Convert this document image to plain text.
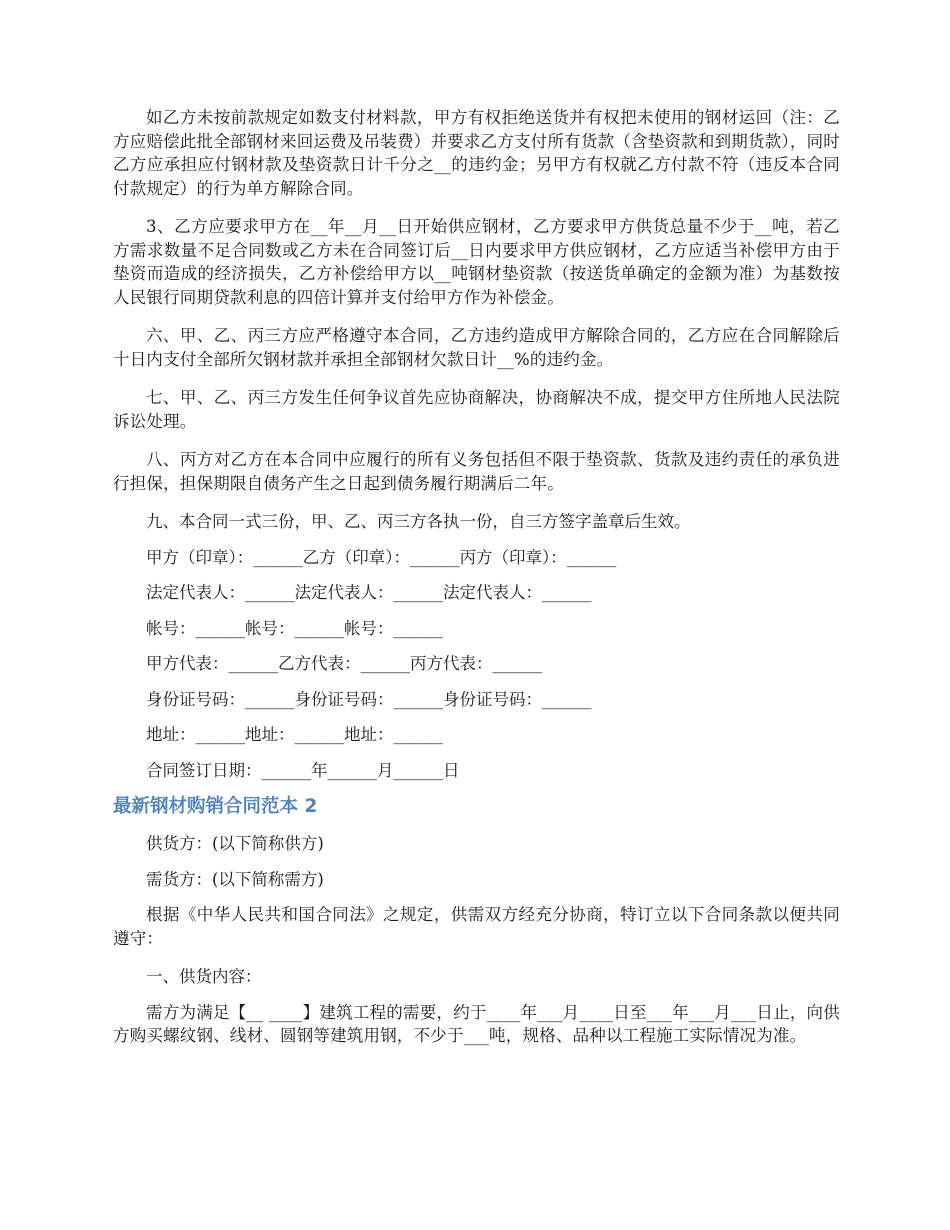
如乙方未按前款规定如数支付材料款，甲方有权拒绝送货并有权把未使用的钢材运回（注：乙方应赔偿此批全部钢材来回运费及吊装费）并要求乙方支付所有货款（含垫资款和到期货款），同时乙方应承担应付钢材款及垫资款日计千分之__的违约金；另甲方有权就乙方付款不符（违反本合同付款规定）的行为单方解除合同。

3、乙方应要求甲方在__年__月__日开始供应钢材，乙方要求甲方供货总量不少于__吨，若乙方需求数量不足合同数或乙方未在合同签订后__日内要求甲方供应钢材，乙方应适当补偿甲方由于垫资而造成的经济损失，乙方补偿给甲方以__吨钢材垫资款（按送货单确定的金额为准）为基数按人民银行同期贷款利息的四倍计算并支付给甲方作为补偿金。

六、甲、乙、丙三方应严格遵守本合同，乙方违约造成甲方解除合同的，乙方应在合同解除后十日内支付全部所欠钢材款并承担全部钢材欠款日计__%的违约金。

七、甲、乙、丙三方发生任何争议首先应协商解决，协商解决不成，提交甲方住所地人民法院诉讼处理。

八、丙方对乙方在本合同中应履行的所有义务包括但不限于垫资款、货款及违约责任的承负进行担保，担保期限自债务产生之日起到债务履行期满后二年。

九、本合同一式三份，甲、乙、丙三方各执一份，自三方签字盖章后生效。

甲方（印章）：______乙方（印章）：______丙方（印章）：______

法定代表人：______法定代表人：______法定代表人：______

帐号：______帐号：______帐号：______

甲方代表：______乙方代表：______丙方代表：______

身份证号码：______身份证号码：______身份证号码：______

地址：______地址：______地址：______

合同签订日期：______年______月______日

最新钢材购销合同范本 2

供货方：(以下简称供方)

需货方：(以下简称需方)

根据《中华人民共和国合同法》之规定，供需双方经充分协商，特订立以下合同条款以便共同遵守：

一、供货内容：

需方为满足【__ ____】建筑工程的需要，约于____年___月____日至___年___月___日止，向供方购买螺纹钢、线材、圆钢等建筑用钢，不少于___吨，规格、品种以工程施工实际情况为准。
